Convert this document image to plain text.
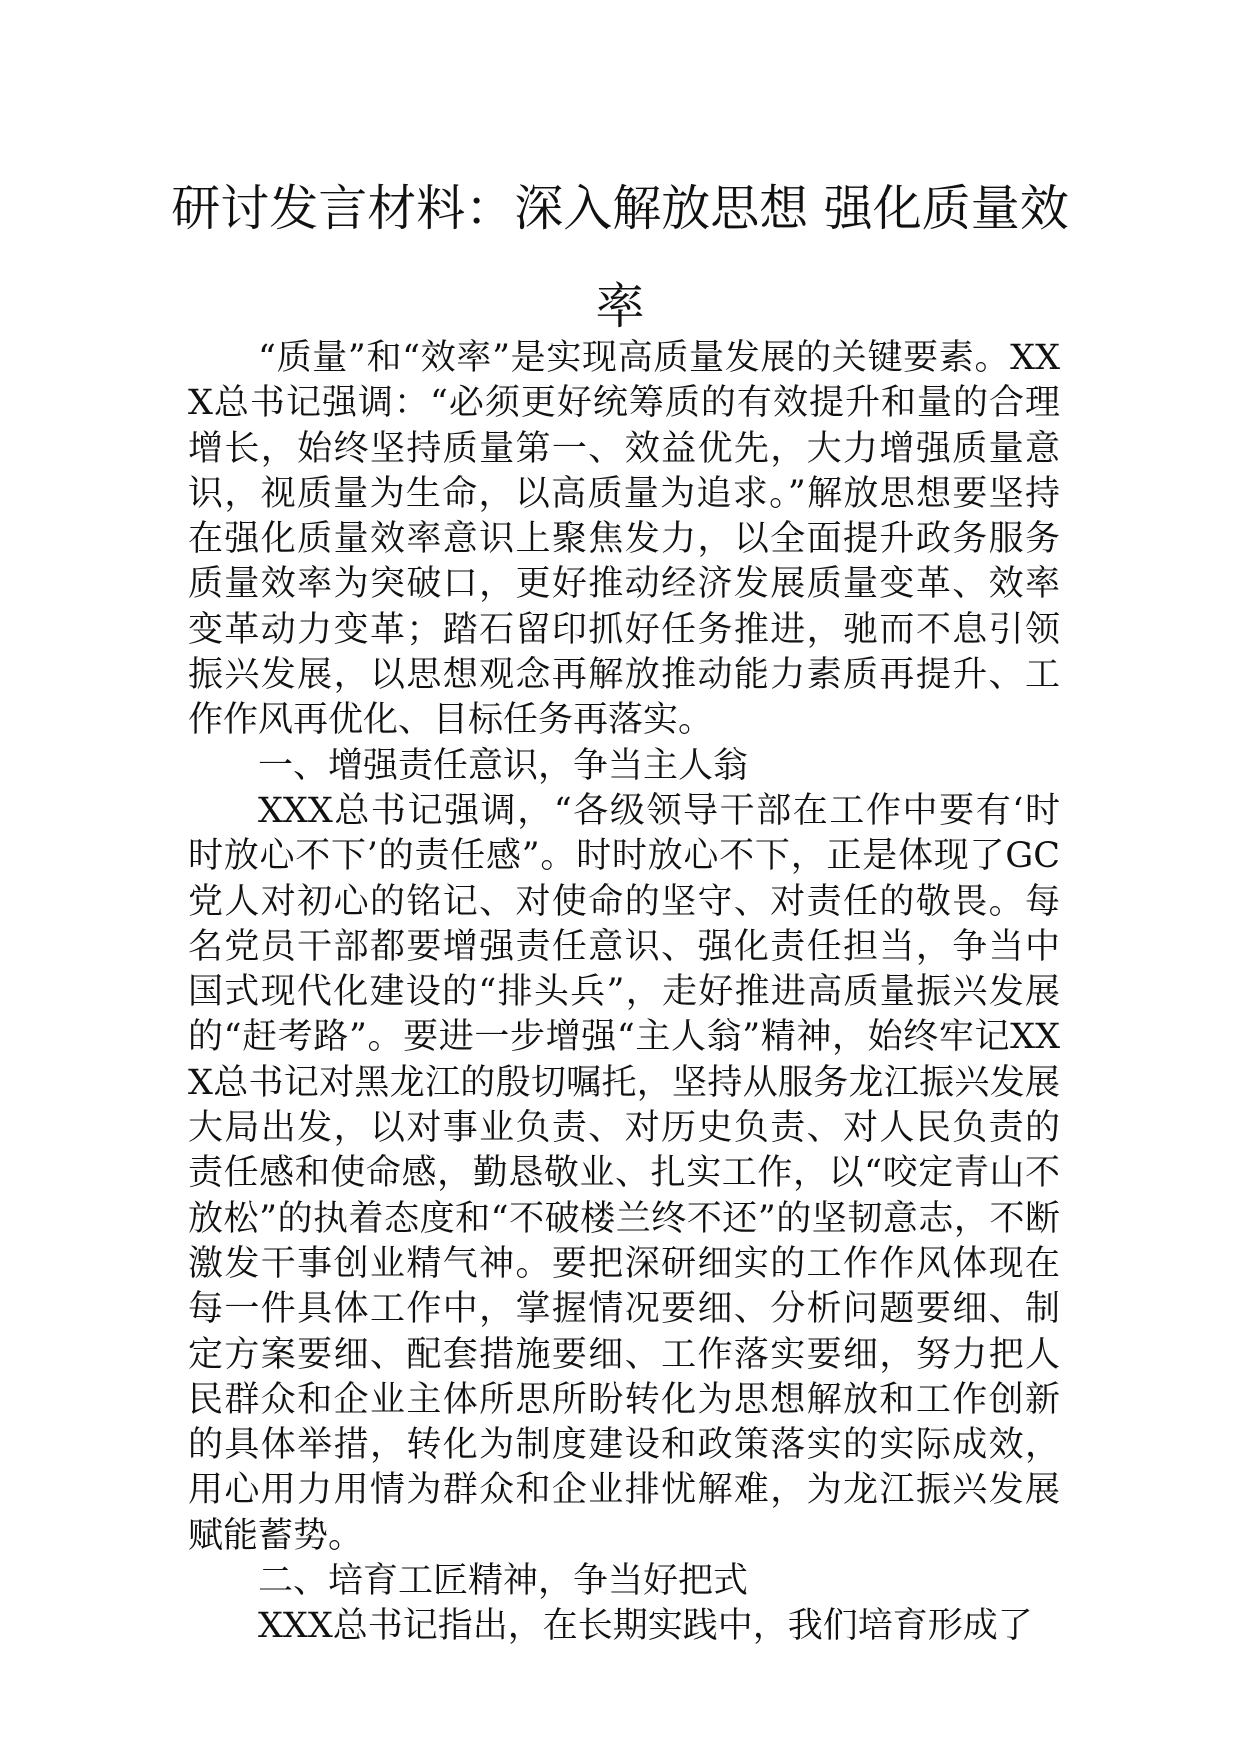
研讨发言材料：深入解放思想 强化质量效率

“质量”和“效率”是实现高质量发展的关键要素。XXX总书记强调：“必须更好统筹质的有效提升和量的合理增长，始终坚持质量第一、效益优先，大力增强质量意识，视质量为生命，以高质量为追求。”解放思想要坚持在强化质量效率意识上聚焦发力，以全面提升政务服务质量效率为突破口，更好推动经济发展质量变革、效率变革动力变革；踏石留印抓好任务推进，驰而不息引领振兴发展，以思想观念再解放推动能力素质再提升、工作作风再优化、目标任务再落实。

一、增强责任意识，争当主人翁

XXX总书记强调，“各级领导干部在工作中要有‘时时放心不下’的责任感”。时时放心不下，正是体现了GC党人对初心的铭记、对使命的坚守、对责任的敬畏。每名党员干部都要增强责任意识、强化责任担当，争当中国式现代化建设的“排头兵”，走好推进高质量振兴发展的“赶考路”。要进一步增强“主人翁”精神，始终牢记XXX总书记对黑龙江的殷切嘱托，坚持从服务龙江振兴发展大局出发，以对事业负责、对历史负责、对人民负责的责任感和使命感，勤恳敬业、扎实工作，以“咬定青山不放松”的执着态度和“不破楼兰终不还”的坚韧意志，不断激发干事创业精气神。要把深研细实的工作作风体现在每一件具体工作中，掌握情况要细、分析问题要细、制定方案要细、配套措施要细、工作落实要细，努力把人民群众和企业主体所思所盼转化为思想解放和工作创新的具体举措，转化为制度建设和政策落实的实际成效，用心用力用情为群众和企业排忧解难，为龙江振兴发展赋能蓄势。

二、培育工匠精神，争当好把式

XXX总书记指出，在长期实践中，我们培育形成了
